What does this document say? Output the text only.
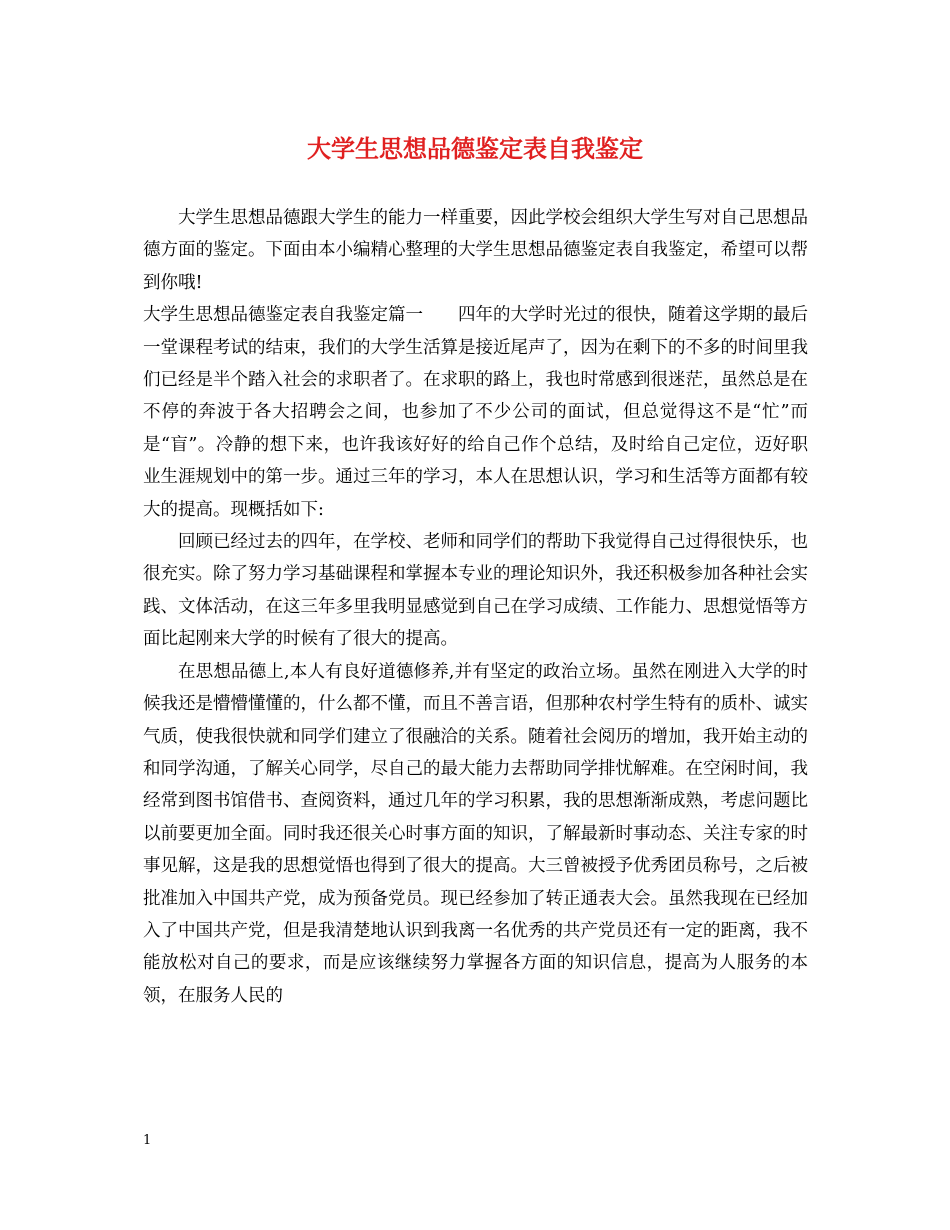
大学生思想品德鉴定表自我鉴定

大学生思想品德跟大学生的能力一样重要，因此学校会组织大学生写对自己思想品德方面的鉴定。下面由本小编精心整理的大学生思想品德鉴定表自我鉴定，希望可以帮到你哦!

大学生思想品德鉴定表自我鉴定篇一　　四年的大学时光过的很快，随着这学期的最后一堂课程考试的结束，我们的大学生活算是接近尾声了，因为在剩下的不多的时间里我们已经是半个踏入社会的求职者了。在求职的路上，我也时常感到很迷茫，虽然总是在不停的奔波于各大招聘会之间，也参加了不少公司的面试，但总觉得这不是“忙”而是“盲”。冷静的想下来，也许我该好好的给自己作个总结，及时给自己定位，迈好职业生涯规划中的第一步。通过三年的学习，本人在思想认识，学习和生活等方面都有较大的提高。现概括如下:

回顾已经过去的四年，在学校、老师和同学们的帮助下我觉得自己过得很快乐，也很充实。除了努力学习基础课程和掌握本专业的理论知识外，我还积极参加各种社会实践、文体活动，在这三年多里我明显感觉到自己在学习成绩、工作能力、思想觉悟等方面比起刚来大学的时候有了很大的提高。

在思想品德上,本人有良好道德修养,并有坚定的政治立场。虽然在刚进入大学的时候我还是懵懵懂懂的，什么都不懂，而且不善言语，但那种农村学生特有的质朴、诚实气质，使我很快就和同学们建立了很融洽的关系。随着社会阅历的增加，我开始主动的和同学沟通，了解关心同学，尽自己的最大能力去帮助同学排忧解难。在空闲时间，我经常到图书馆借书、查阅资料，通过几年的学习积累，我的思想渐渐成熟，考虑问题比以前要更加全面。同时我还很关心时事方面的知识，了解最新时事动态、关注专家的时事见解，这是我的思想觉悟也得到了很大的提高。大三曾被授予优秀团员称号，之后被批准加入中国共产党，成为预备党员。现已经参加了转正通表大会。虽然我现在已经加入了中国共产党，但是我清楚地认识到我离一名优秀的共产党员还有一定的距离，我不能放松对自己的要求，而是应该继续努力掌握各方面的知识信息，提高为人服务的本领，在服务人民的

1
